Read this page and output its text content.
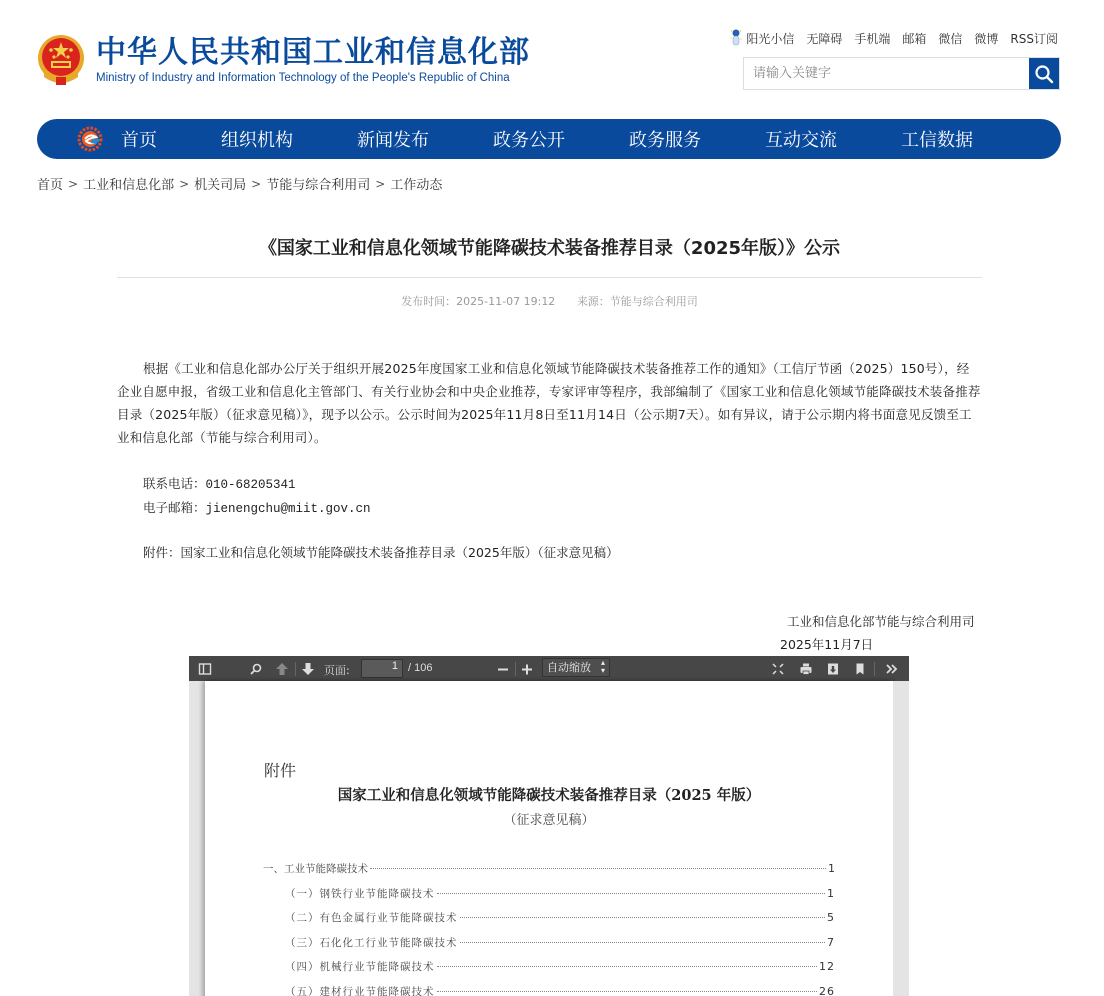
中华人民共和国工业和信息化部
Ministry of Industry and Information Technology of the People's Republic of China
阳光小信 无障碍 手机端 邮箱 微信 微博 RSS订阅
请输入关键字
首页	组织机构	新闻发布	政务公开	政务服务	互动交流	工信数据
首页 > 工业和信息化部 > 机关司局 > 节能与综合利用司 > 工作动态
《国家工业和信息化领域节能降碳技术装备推荐目录（2025年版）》公示
发布时间：2025-11-07 19:12 来源：节能与综合利用司

根据《工业和信息化部办公厅关于组织开展2025年度国家工业和信息化领域节能降碳技术装备推荐工作的通知》（工信厅节函（2025）150号），经企业自愿申报，省级工业和信息化主管部门、有关行业协会和中央企业推荐，专家评审等程序，我部编制了《国家工业和信息化领域节能降碳技术装备推荐目录（2025年版）（征求意见稿）》，现予以公示。公示时间为2025年11月8日至11月14日（公示期7天）。如有异议，请于公示期内将书面意见反馈至工业和信息化部（节能与综合利用司）。

联系电话：010-68205341
电子邮箱：jienengchu@miit.gov.cn
附件：国家工业和信息化领域节能降碳技术装备推荐目录（2025年版）（征求意见稿）
工业和信息化部节能与综合利用司
2025年11月7日
页面:	1 / 106	自动缩放 ▴
▾
附件
国家工业和信息化领域节能降碳技术装备推荐目录（2025 年版）
（征求意见稿）
一、工业节能降碳技术	1
（一）钢铁行业节能降碳技术	1
（二）有色金属行业节能降碳技术	5
（三）石化化工行业节能降碳技术	7
（四）机械行业节能降碳技术	12
（五）建材行业节能降碳技术	26
